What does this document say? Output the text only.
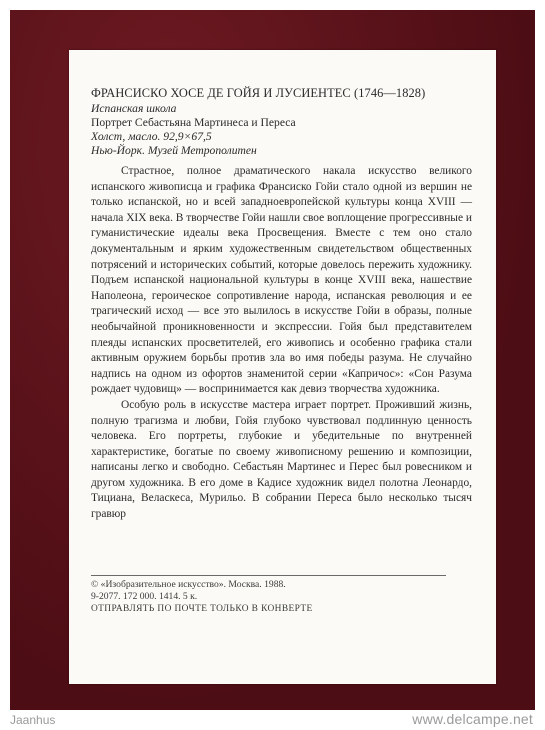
ФРАНСИСКО ХОСЕ ДЕ ГОЙЯ И ЛУСИЕНТЕС (1746—1828)
Испанская школа
Портрет Себастьяна Мартинеса и Переса
Холст, масло. 92,9×67,5
Нью-Йорк. Музей Метрополитен

Страстное, полное драматического накала искусство великого испанского живописца и графика Франсиско Гойи стало одной из вершин не только испанской, но и всей западноевропейской культуры конца XVIII — начала XIX века. В творчестве Гойи нашли свое воплощение прогрессивные и гуманистические идеалы века Просвещения. Вместе с тем оно стало документальным и ярким художественным свидетельством общественных потрясений и исторических событий, которые довелось пережить художнику. Подъем испанской национальной культуры в конце XVIII века, нашествие Наполеона, героическое сопротивление народа, испанская революция и ее трагический исход — все это вылилось в искусстве Гойи в образы, полные необычайной проникновенности и экспрессии. Гойя был представителем плеяды испанских просветителей, его живопись и особенно графика стали активным оружием борьбы против зла во имя победы разума. Не случайно надпись на одном из офортов знаменитой серии «Капричос»: «Сон Разума рождает чудовищ» — воспринимается как девиз творчества художника.

Особую роль в искусстве мастера играет портрет. Проживший жизнь, полную трагизма и любви, Гойя глубоко чувствовал подлинную ценность человека. Его портреты, глубокие и убедительные по внутренней характеристике, богатые по своему живописному решению и композиции, написаны легко и свободно. Себастьян Мартинес и Перес был ровесником и другом художника. В его доме в Кадисе художник видел полотна Леонардо, Тициана, Веласкеса, Мурильо. В собрании Переса было несколько тысяч гравюр

© «Изобразительное искусство». Москва. 1988.
9-2077. 172 000. 1414. 5 к.
ОТПРАВЛЯТЬ ПО ПОЧТЕ ТОЛЬКО В КОНВЕРТЕ
Jaanhus	www.delcampe.net
